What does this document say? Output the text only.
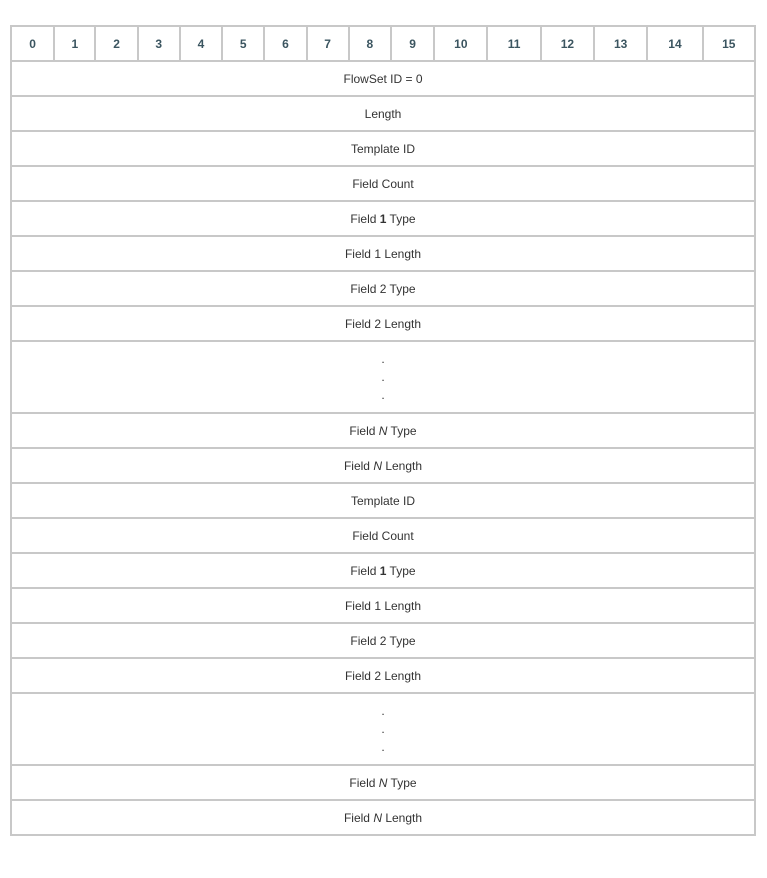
0	1	2	3	4	5	6	7	8	9	10	11	12	13	14	15
FlowSet ID = 0
Length
Template ID
Field Count
Field 1 Type
Field 1 Length
Field 2 Type
Field 2 Length

.
.
.

Field N Type
Field N Length
Template ID
Field Count
Field 1 Type
Field 1 Length
Field 2 Type
Field 2 Length

.
.
.

Field N Type
Field N Length
